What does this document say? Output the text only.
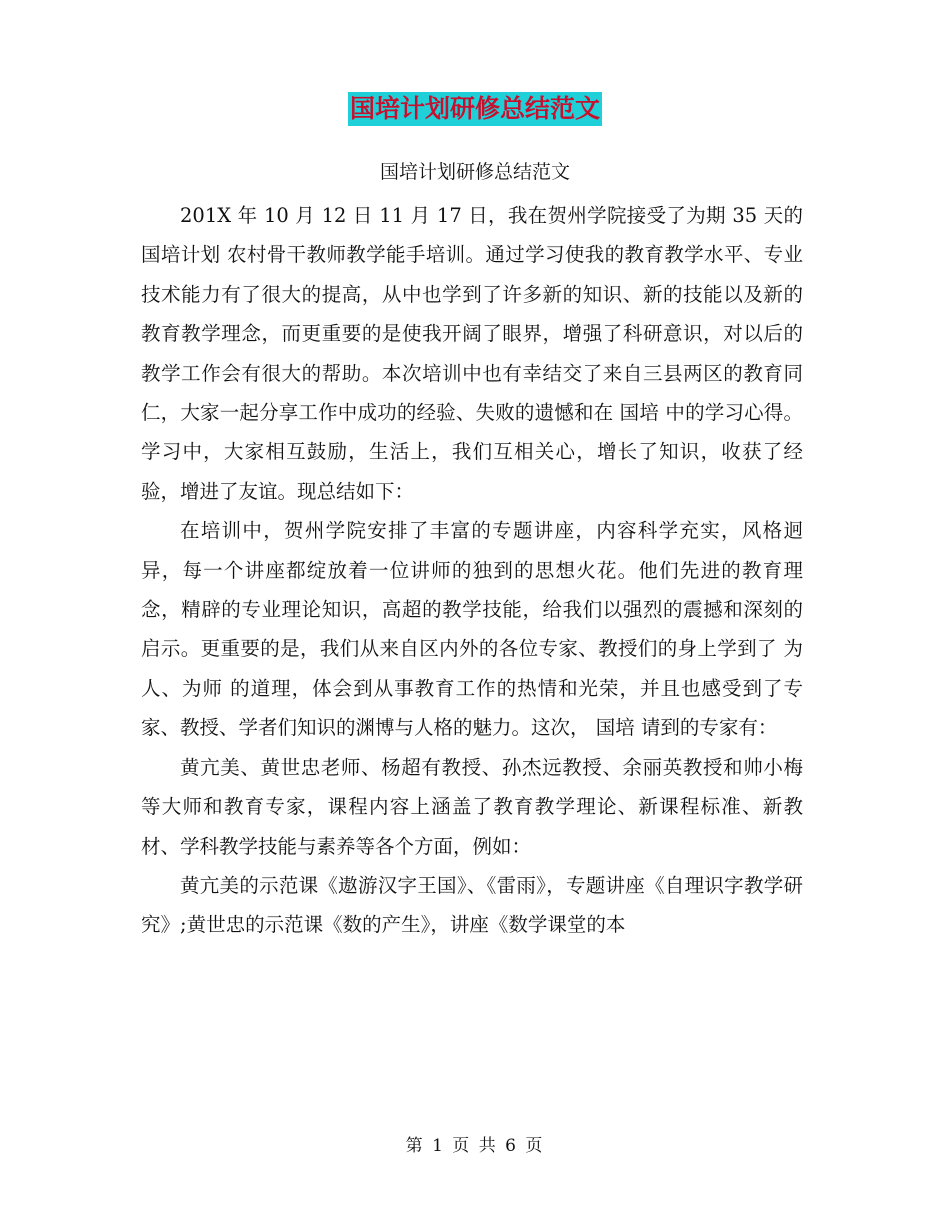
国培计划研修总结范文
国培计划研修总结范文

201X 年 10 月 12 日 11 月 17 日，我在贺州学院接受了为期 35 天的国培计划 农村骨干教师教学能手培训。通过学习使我的教育教学水平、专业技术能力有了很大的提高，从中也学到了许多新的知识、新的技能以及新的教育教学理念，而更重要的是使我开阔了眼界，增强了科研意识，对以后的教学工作会有很大的帮助。本次培训中也有幸结交了来自三县两区的教育同仁，大家一起分享工作中成功的经验、失败的遗憾和在 国培 中的学习心得。学习中，大家相互鼓励，生活上，我们互相关心，增长了知识，收获了经验，增进了友谊。现总结如下：

在培训中，贺州学院安排了丰富的专题讲座，内容科学充实，风格迥异，每一个讲座都绽放着一位讲师的独到的思想火花。他们先进的教育理念，精辟的专业理论知识，高超的教学技能，给我们以强烈的震撼和深刻的启示。更重要的是，我们从来自区内外的各位专家、教授们的身上学到了 为人、为师 的道理，体会到从事教育工作的热情和光荣，并且也感受到了专家、教授、学者们知识的渊博与人格的魅力。这次， 国培 请到的专家有：

黄亢美、黄世忠老师、杨超有教授、孙杰远教授、余丽英教授和帅小梅等大师和教育专家，课程内容上涵盖了教育教学理论、新课程标准、新教材、学科教学技能与素养等各个方面，例如：

黄亢美的示范课《遨游汉字王国》、《雷雨》，专题讲座《自理识字教学研究》;黄世忠的示范课《数的产生》，讲座《数学课堂的本

第 1 页 共 6 页
